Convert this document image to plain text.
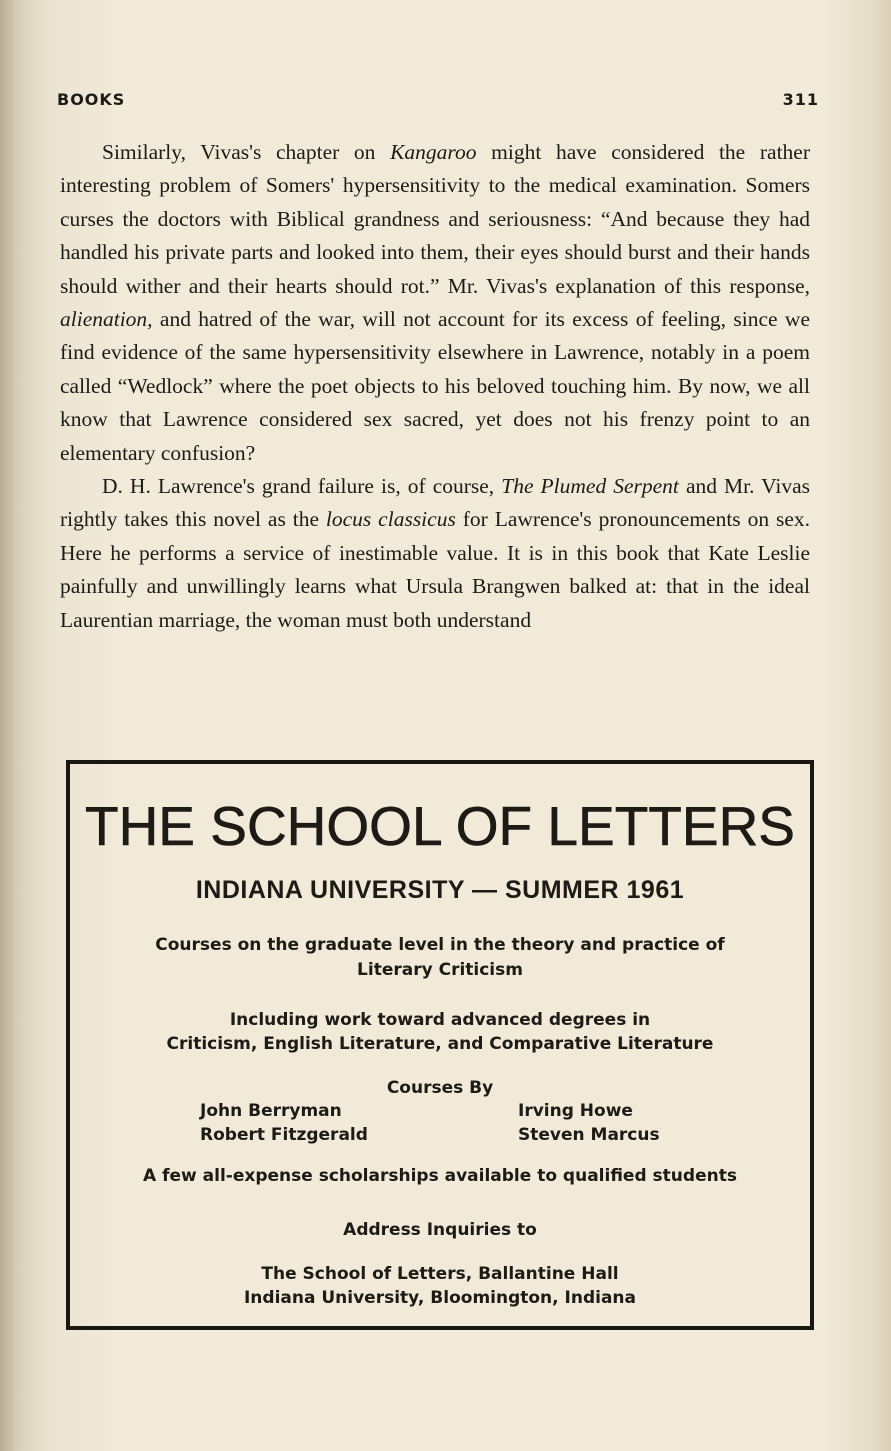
BOOKS	311

Similarly, Vivas's chapter on Kangaroo might have considered the rather interesting problem of Somers' hypersensitivity to the medical examination. Somers curses the doctors with Biblical grandness and seriousness: “And because they had handled his private parts and looked into them, their eyes should burst and their hands should wither and their hearts should rot.” Mr. Vivas's explanation of this response, alienation, and hatred of the war, will not account for its excess of feeling, since we find evidence of the same hypersensitivity elsewhere in Lawrence, notably in a poem called “Wedlock” where the poet objects to his beloved touching him. By now, we all know that Lawrence considered sex sacred, yet does not his frenzy point to an elementary confusion?

D. H. Lawrence's grand failure is, of course, The Plumed Serpent and Mr. Vivas rightly takes this novel as the locus classicus for Lawrence's pronouncements on sex. Here he performs a service of inestimable value. It is in this book that Kate Leslie painfully and unwillingly learns what Ursula Brangwen balked at: that in the ideal Laurentian marriage, the woman must both understand

THE SCHOOL OF LETTERS
INDIANA UNIVERSITY — SUMMER 1961
Courses on the graduate level in the theory and practice of
Literary Criticism
Including work toward advanced degrees in
Criticism, English Literature, and Comparative Literature
Courses By
John Berryman
Robert Fitzgerald
Irving Howe
Steven Marcus
A few all-expense scholarships available to qualified students
Address Inquiries to
The School of Letters, Ballantine Hall
Indiana University, Bloomington, Indiana
